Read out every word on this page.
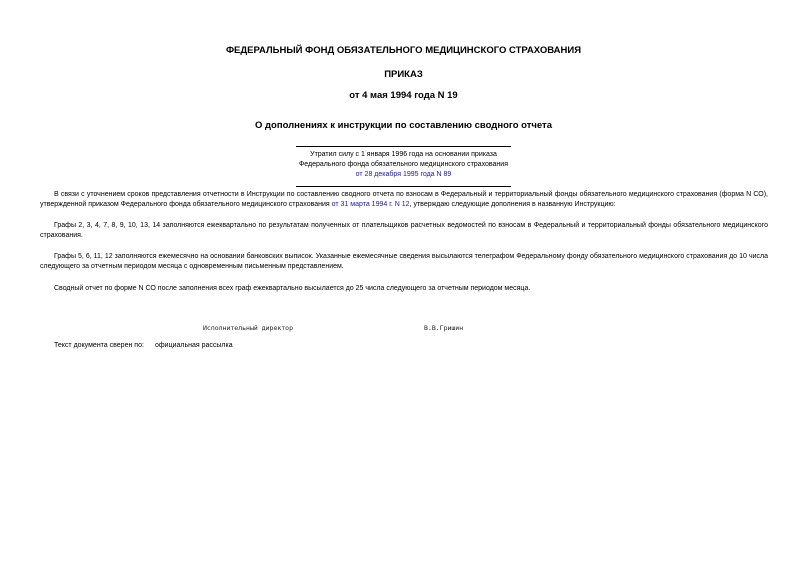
ФЕДЕРАЛЬНЫЙ ФОНД ОБЯЗАТЕЛЬНОГО МЕДИЦИНСКОГО СТРАХОВАНИЯ
ПРИКАЗ
от 4 мая 1994 года N 19
О дополнениях к инструкции по составлению сводного отчета
Утратил силу с 1 января 1996 года на основании приказа
Федерального фонда обязательного медицинского страхования
от 28 декабря 1995 года N 89

В связи с уточнением сроков представления отчетности в Инструкции по составлению сводного отчета по взносам в Федеральный и территориальный фонды обязательного медицинского страхования (форма N СО), утвержденной приказом Федерального фонда обязательного медицинского страхования от 31 марта 1994 г. N 12, утверждаю следующие дополнения в названную Инструкцию:

Графы 2, 3, 4, 7, 8, 9, 10, 13, 14 заполняются ежеквартально по результатам полученных от плательщиков расчетных ведомостей по взносам в Федеральный и территориальный фонды обязательного медицинского страхования.

Графы 5, 6, 11, 12 заполняются ежемесячно на основании банковских выписок. Указанные ежемесячные сведения высылаются телеграфом Федеральному фонду обязательного медицинского страхования до 10 числа следующего за отчетным периодом месяца с одновременным письменным представлением.

Сводный отчет по форме N СО после заполнения всех граф ежеквартально высылается до 25 числа следующего за отчетным периодом месяца.

Исполнительный директор	В.В.Гришин
Текст документа сверен по: официальная рассылка
